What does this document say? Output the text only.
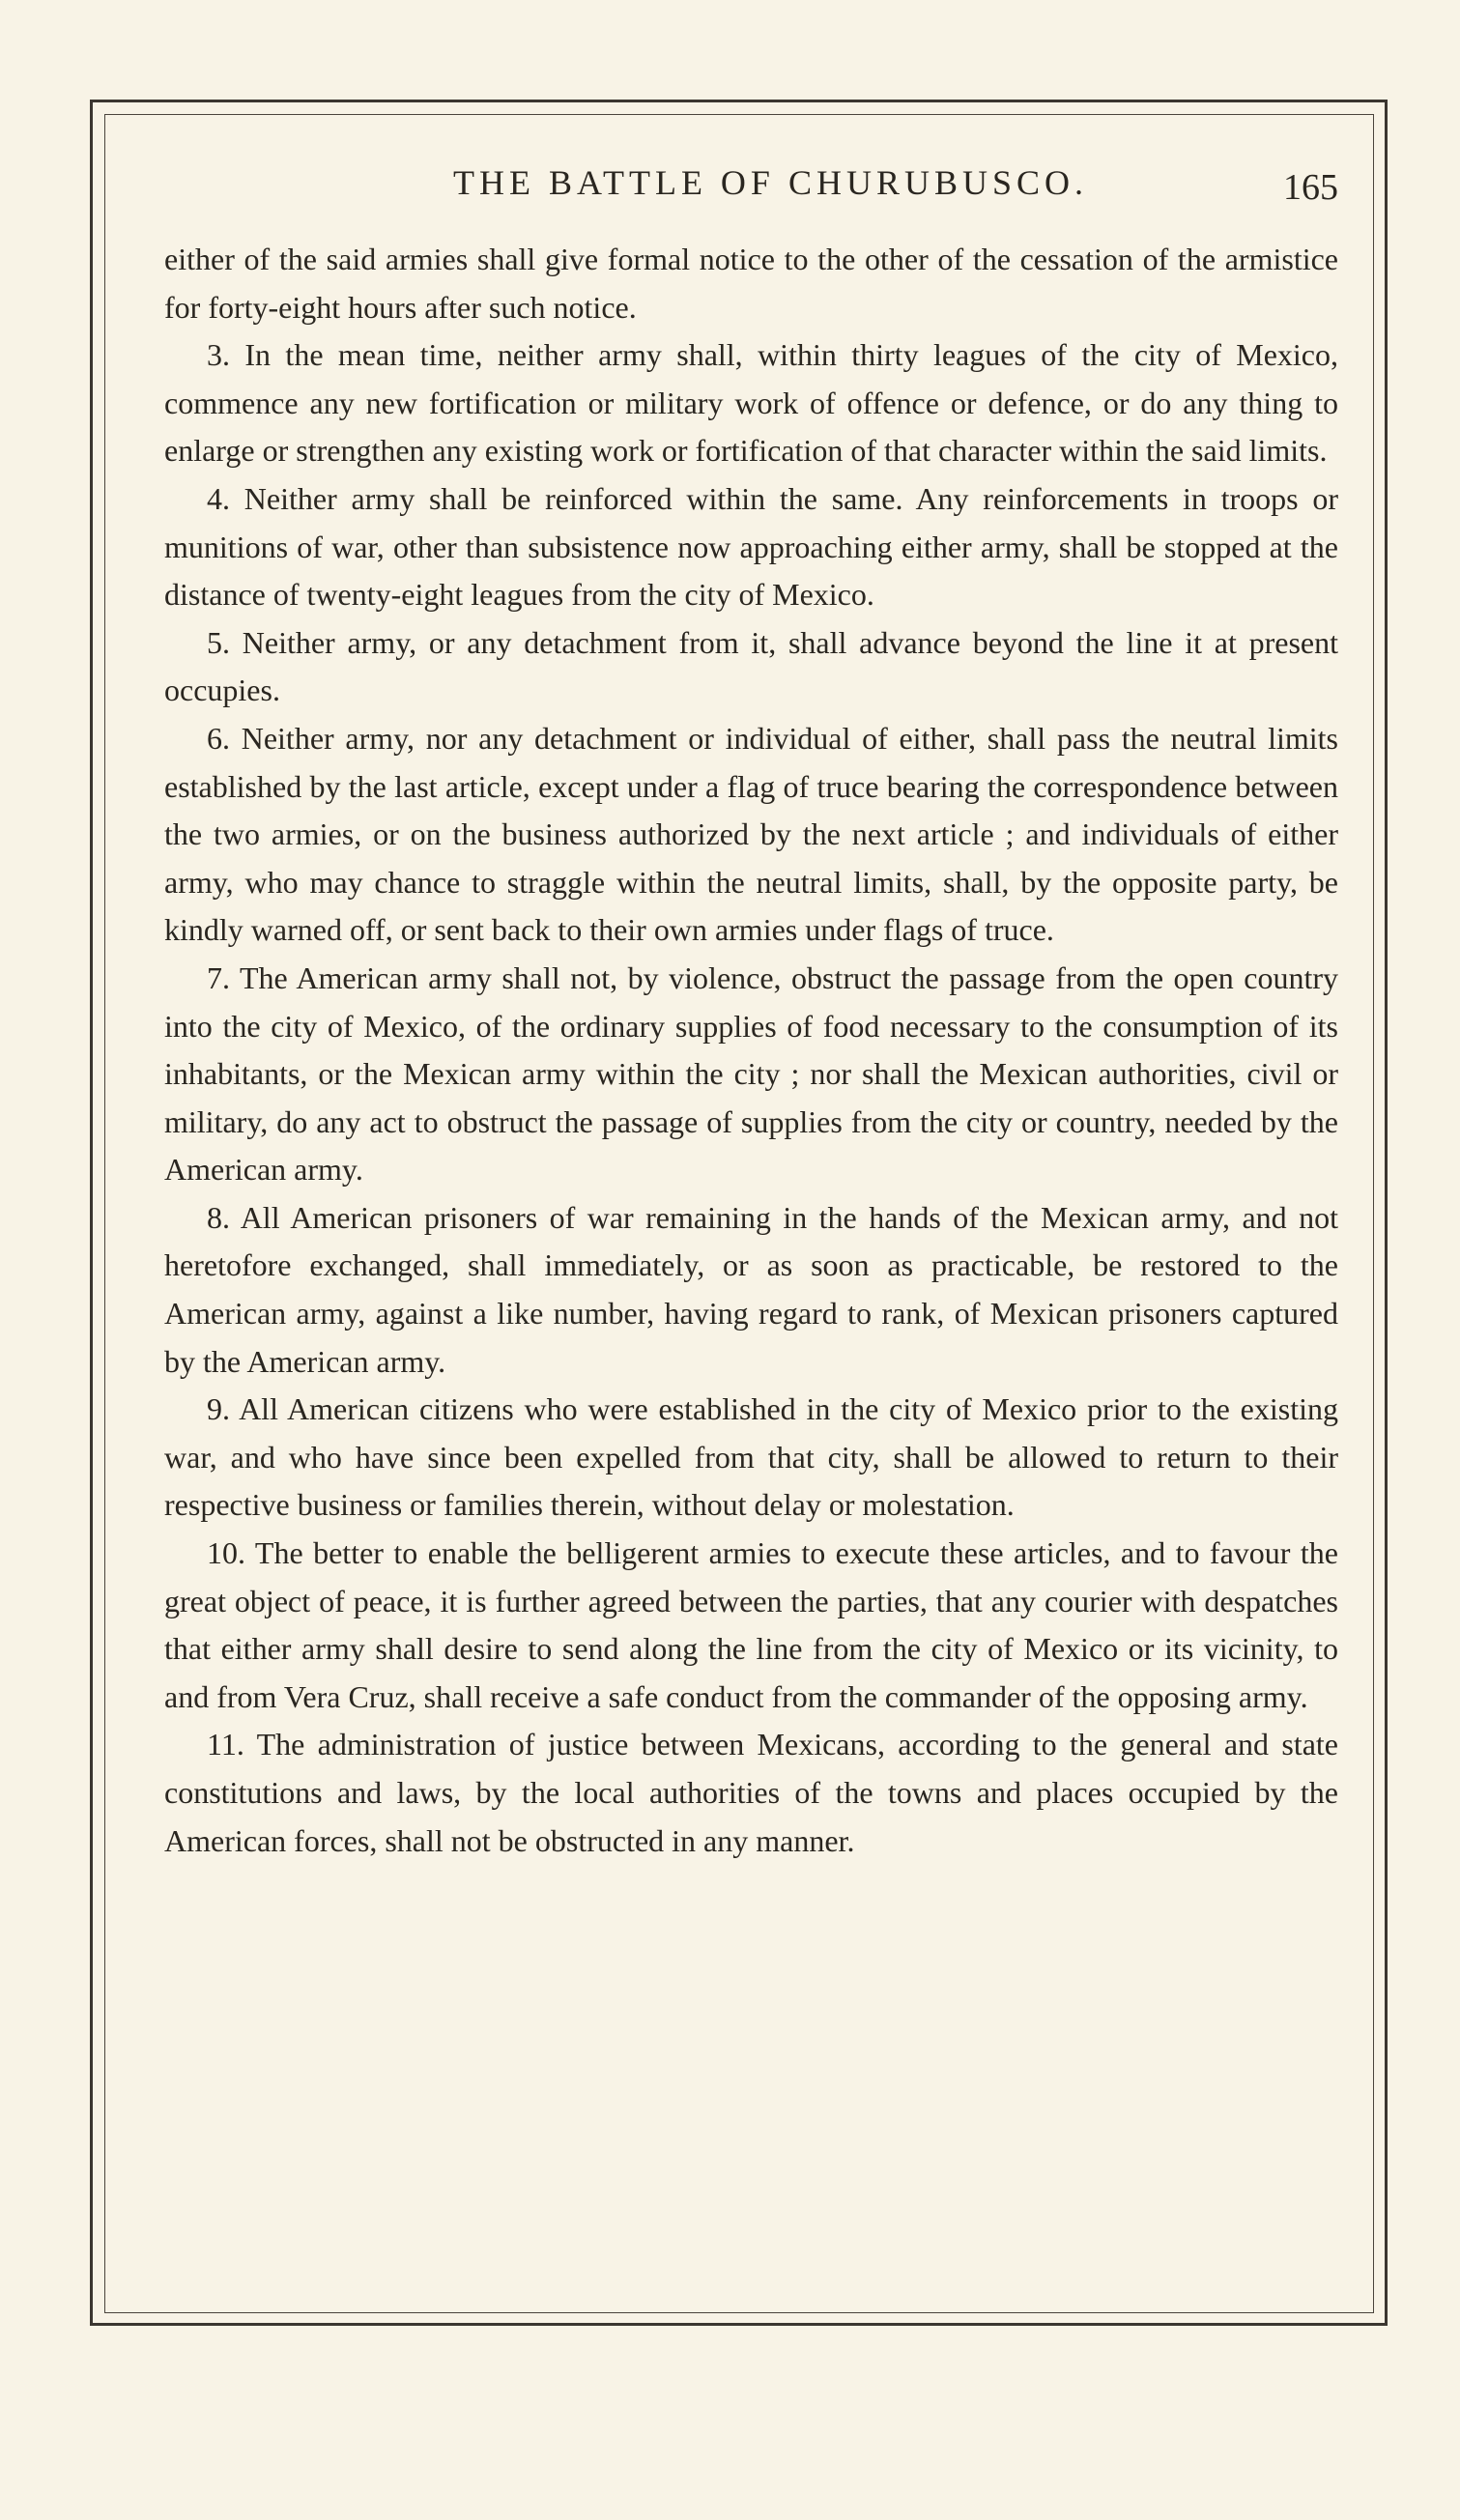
THE BATTLE OF CHURUBUSCO.	165

either of the said armies shall give formal notice to the other of the cessation of the armistice for forty-eight hours after such notice.

3. In the mean time, neither army shall, within thirty leagues of the city of Mexico, commence any new fortification or military work of offence or defence, or do any thing to enlarge or strengthen any existing work or fortification of that character within the said limits.

4. Neither army shall be reinforced within the same. Any reinforcements in troops or munitions of war, other than subsistence now approaching either army, shall be stopped at the distance of twenty-eight leagues from the city of Mexico.

5. Neither army, or any detachment from it, shall advance beyond the line it at present occupies.

6. Neither army, nor any detachment or individual of either, shall pass the neutral limits established by the last article, except under a flag of truce bearing the correspondence between the two armies, or on the business authorized by the next article ; and individuals of either army, who may chance to straggle within the neutral limits, shall, by the opposite party, be kindly warned off, or sent back to their own armies under flags of truce.

7. The American army shall not, by violence, obstruct the passage from the open country into the city of Mexico, of the ordinary supplies of food necessary to the consumption of its inhabitants, or the Mexican army within the city ; nor shall the Mexican authorities, civil or military, do any act to obstruct the passage of supplies from the city or country, needed by the American army.

8. All American prisoners of war remaining in the hands of the Mexican army, and not heretofore exchanged, shall immediately, or as soon as practicable, be restored to the American army, against a like number, having regard to rank, of Mexican prisoners captured by the American army.

9. All American citizens who were established in the city of Mexico prior to the existing war, and who have since been expelled from that city, shall be allowed to return to their respective business or families therein, without delay or molestation.

10. The better to enable the belligerent armies to execute these articles, and to favour the great object of peace, it is further agreed between the parties, that any courier with despatches that either army shall desire to send along the line from the city of Mexico or its vicinity, to and from Vera Cruz, shall receive a safe conduct from the commander of the opposing army.

11. The administration of justice between Mexicans, according to the general and state constitutions and laws, by the local authorities of the towns and places occupied by the American forces, shall not be obstructed in any manner.
